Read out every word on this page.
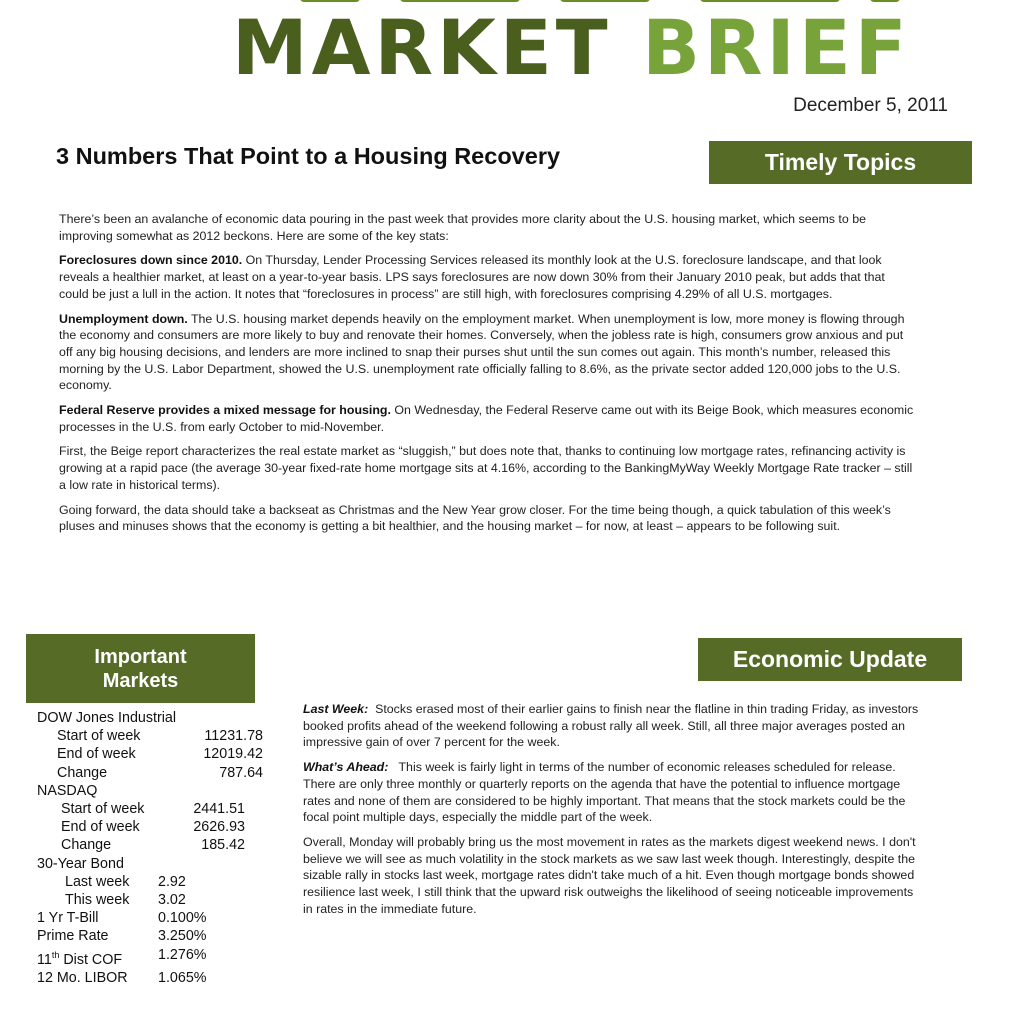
MARKET BRIEF
December 5, 2011
3 Numbers That Point to a Housing Recovery	Timely Topics

There’s been an avalanche of economic data pouring in the past week that provides more clarity about the U.S. housing market, which seems to be improving somewhat as 2012 beckons. Here are some of the key stats:

Foreclosures down since 2010. On Thursday, Lender Processing Services released its monthly look at the U.S. foreclosure landscape, and that look reveals a healthier market, at least on a year-to-year basis. LPS says foreclosures are now down 30% from their January 2010 peak, but adds that that could be just a lull in the action. It notes that “foreclosures in process” are still high, with foreclosures comprising 4.29% of all U.S. mortgages.

Unemployment down. The U.S. housing market depends heavily on the employment market. When unemployment is low, more money is flowing through the economy and consumers are more likely to buy and renovate their homes. Conversely, when the jobless rate is high, consumers grow anxious and put off any big housing decisions, and lenders are more inclined to snap their purses shut until the sun comes out again. This month’s number, released this morning by the U.S. Labor Department, showed the U.S. unemployment rate officially falling to 8.6%, as the private sector added 120,000 jobs to the U.S. economy.

Federal Reserve provides a mixed message for housing. On Wednesday, the Federal Reserve came out with its Beige Book, which measures economic processes in the U.S. from early October to mid-November.

First, the Beige report characterizes the real estate market as “sluggish,” but does note that, thanks to continuing low mortgage rates, refinancing activity is growing at a rapid pace (the average 30-year fixed-rate home mortgage sits at 4.16%, according to the BankingMyWay Weekly Mortgage Rate tracker – still a low rate in historical terms).

Going forward, the data should take a backseat as Christmas and the New Year grow closer. For the time being though, a quick tabulation of this week’s pluses and minuses shows that the economy is getting a bit healthier, and the housing market – for now, at least – appears to be following suit.

Important Markets
DOW Jones Industrial
Start of week	11231.78
End of week	12019.42
Change	787.64
NASDAQ
Start of week	2441.51
End of week	2626.93
Change	185.42
30-Year Bond
Last week	2.92
This week	3.02
1 Yr T-Bill	0.100%
Prime Rate	3.250%
11th Dist COF	1.276%
12 Mo. LIBOR	1.065%
Economic Update

Last Week:  Stocks erased most of their earlier gains to finish near the flatline in thin trading Friday, as investors booked profits ahead of the weekend following a robust rally all week. Still, all three major averages posted an impressive gain of over 7 percent for the week.

What’s Ahead:   This week is fairly light in terms of the number of economic releases scheduled for release. There are only three monthly or quarterly reports on the agenda that have the potential to influence mortgage rates and none of them are considered to be highly important. That means that the stock markets could be the focal point multiple days, especially the middle part of the week.

Overall, Monday will probably bring us the most movement in rates as the markets digest weekend news. I don't believe we will see as much volatility in the stock markets as we saw last week though. Interestingly, despite the sizable rally in stocks last week, mortgage rates didn't take much of a hit. Even though mortgage bonds showed resilience last week, I still think that the upward risk outweighs the likelihood of seeing noticeable improvements in rates in the immediate future.
